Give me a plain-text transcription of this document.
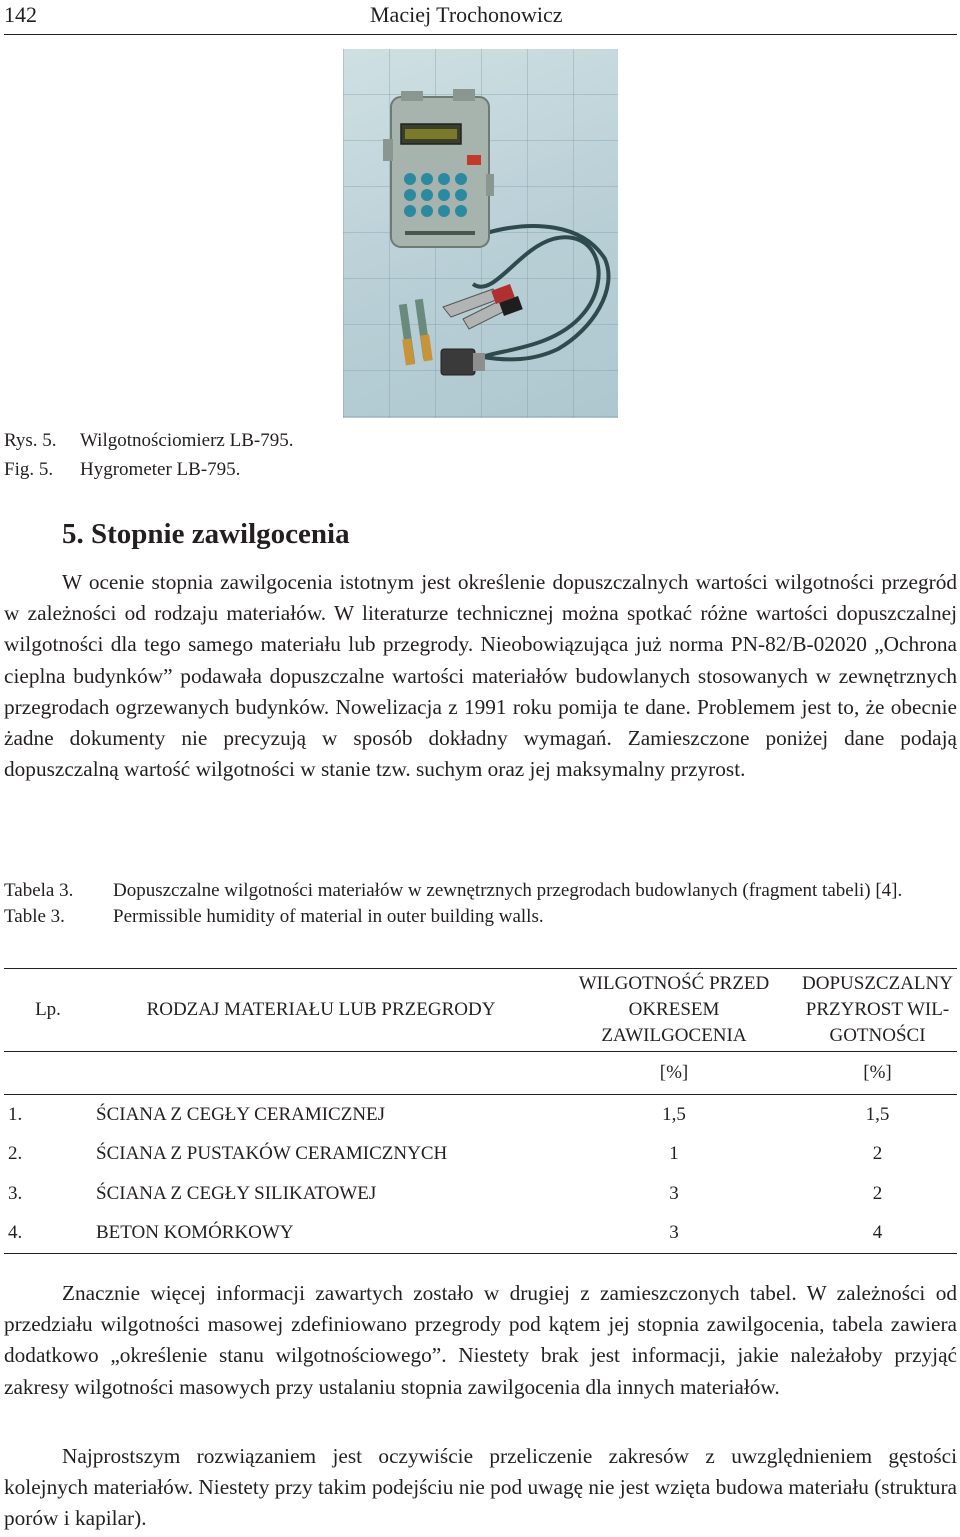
142	Maciej Trochonowicz
Rys. 5. Wilgotnościomierz LB-795.
Fig. 5. Hygrometer LB-795.
5. Stopnie zawilgocenia

W ocenie stopnia zawilgocenia istotnym jest określenie dopuszczalnych wartości wilgotności przegród w zależności od rodzaju materiałów. W literaturze technicznej można spotkać różne wartości dopuszczalnej wilgotności dla tego samego materiału lub przegrody. Nieobowiązująca już norma PN-82/B-02020 „Ochrona cieplna budynków” podawała dopuszczalne wartości materiałów budowlanych stosowanych w zewnętrznych przegrodach ogrzewanych budynków. Nowelizacja z 1991 roku pomija te dane. Problemem jest to, że obecnie żadne dokumenty nie precyzują w sposób dokładny wymagań. Zamieszczone poniżej dane podają dopuszczalną wartość wilgotności w stanie tzw. suchym oraz jej maksymalny przyrost.

Tabela 3.	Dopuszczalne wilgotności materiałów w zewnętrznych przegrodach budowlanych (fragment tabeli) [4].
Table 3.	Permissible humidity of material in outer building walls.
Lp.	RODZAJ MATERIAŁU LUB PRZEGRODY	WILGOTNOŚĆ PRZED OKRESEM ZAWILGOCENIA	DOPUSZCZALNY PRZYROST WIL-GOTNOŚCI
		[%]	[%]
1.	ŚCIANA Z CEGŁY CERAMICZNEJ	1,5	1,5
2.	ŚCIANA Z PUSTAKÓW CERAMICZNYCH	1	2
3.	ŚCIANA Z CEGŁY SILIKATOWEJ	3	2
4.	BETON KOMÓRKOWY	3	4

Znacznie więcej informacji zawartych zostało w drugiej z zamieszczonych tabel. W zależności od przedziału wilgotności masowej zdefiniowano przegrody pod kątem jej stopnia zawilgocenia, tabela zawiera dodatkowo „określenie stanu wilgotnościowego”. Niestety brak jest informacji, jakie należałoby przyjąć zakresy wilgotności masowych przy ustalaniu stopnia zawilgocenia dla innych materiałów.

Najprostszym rozwiązaniem jest oczywiście przeliczenie zakresów z uwzględnieniem gęstości kolejnych materiałów. Niestety przy takim podejściu nie pod uwagę nie jest wzięta budowa materiału (struktura porów i kapilar).
